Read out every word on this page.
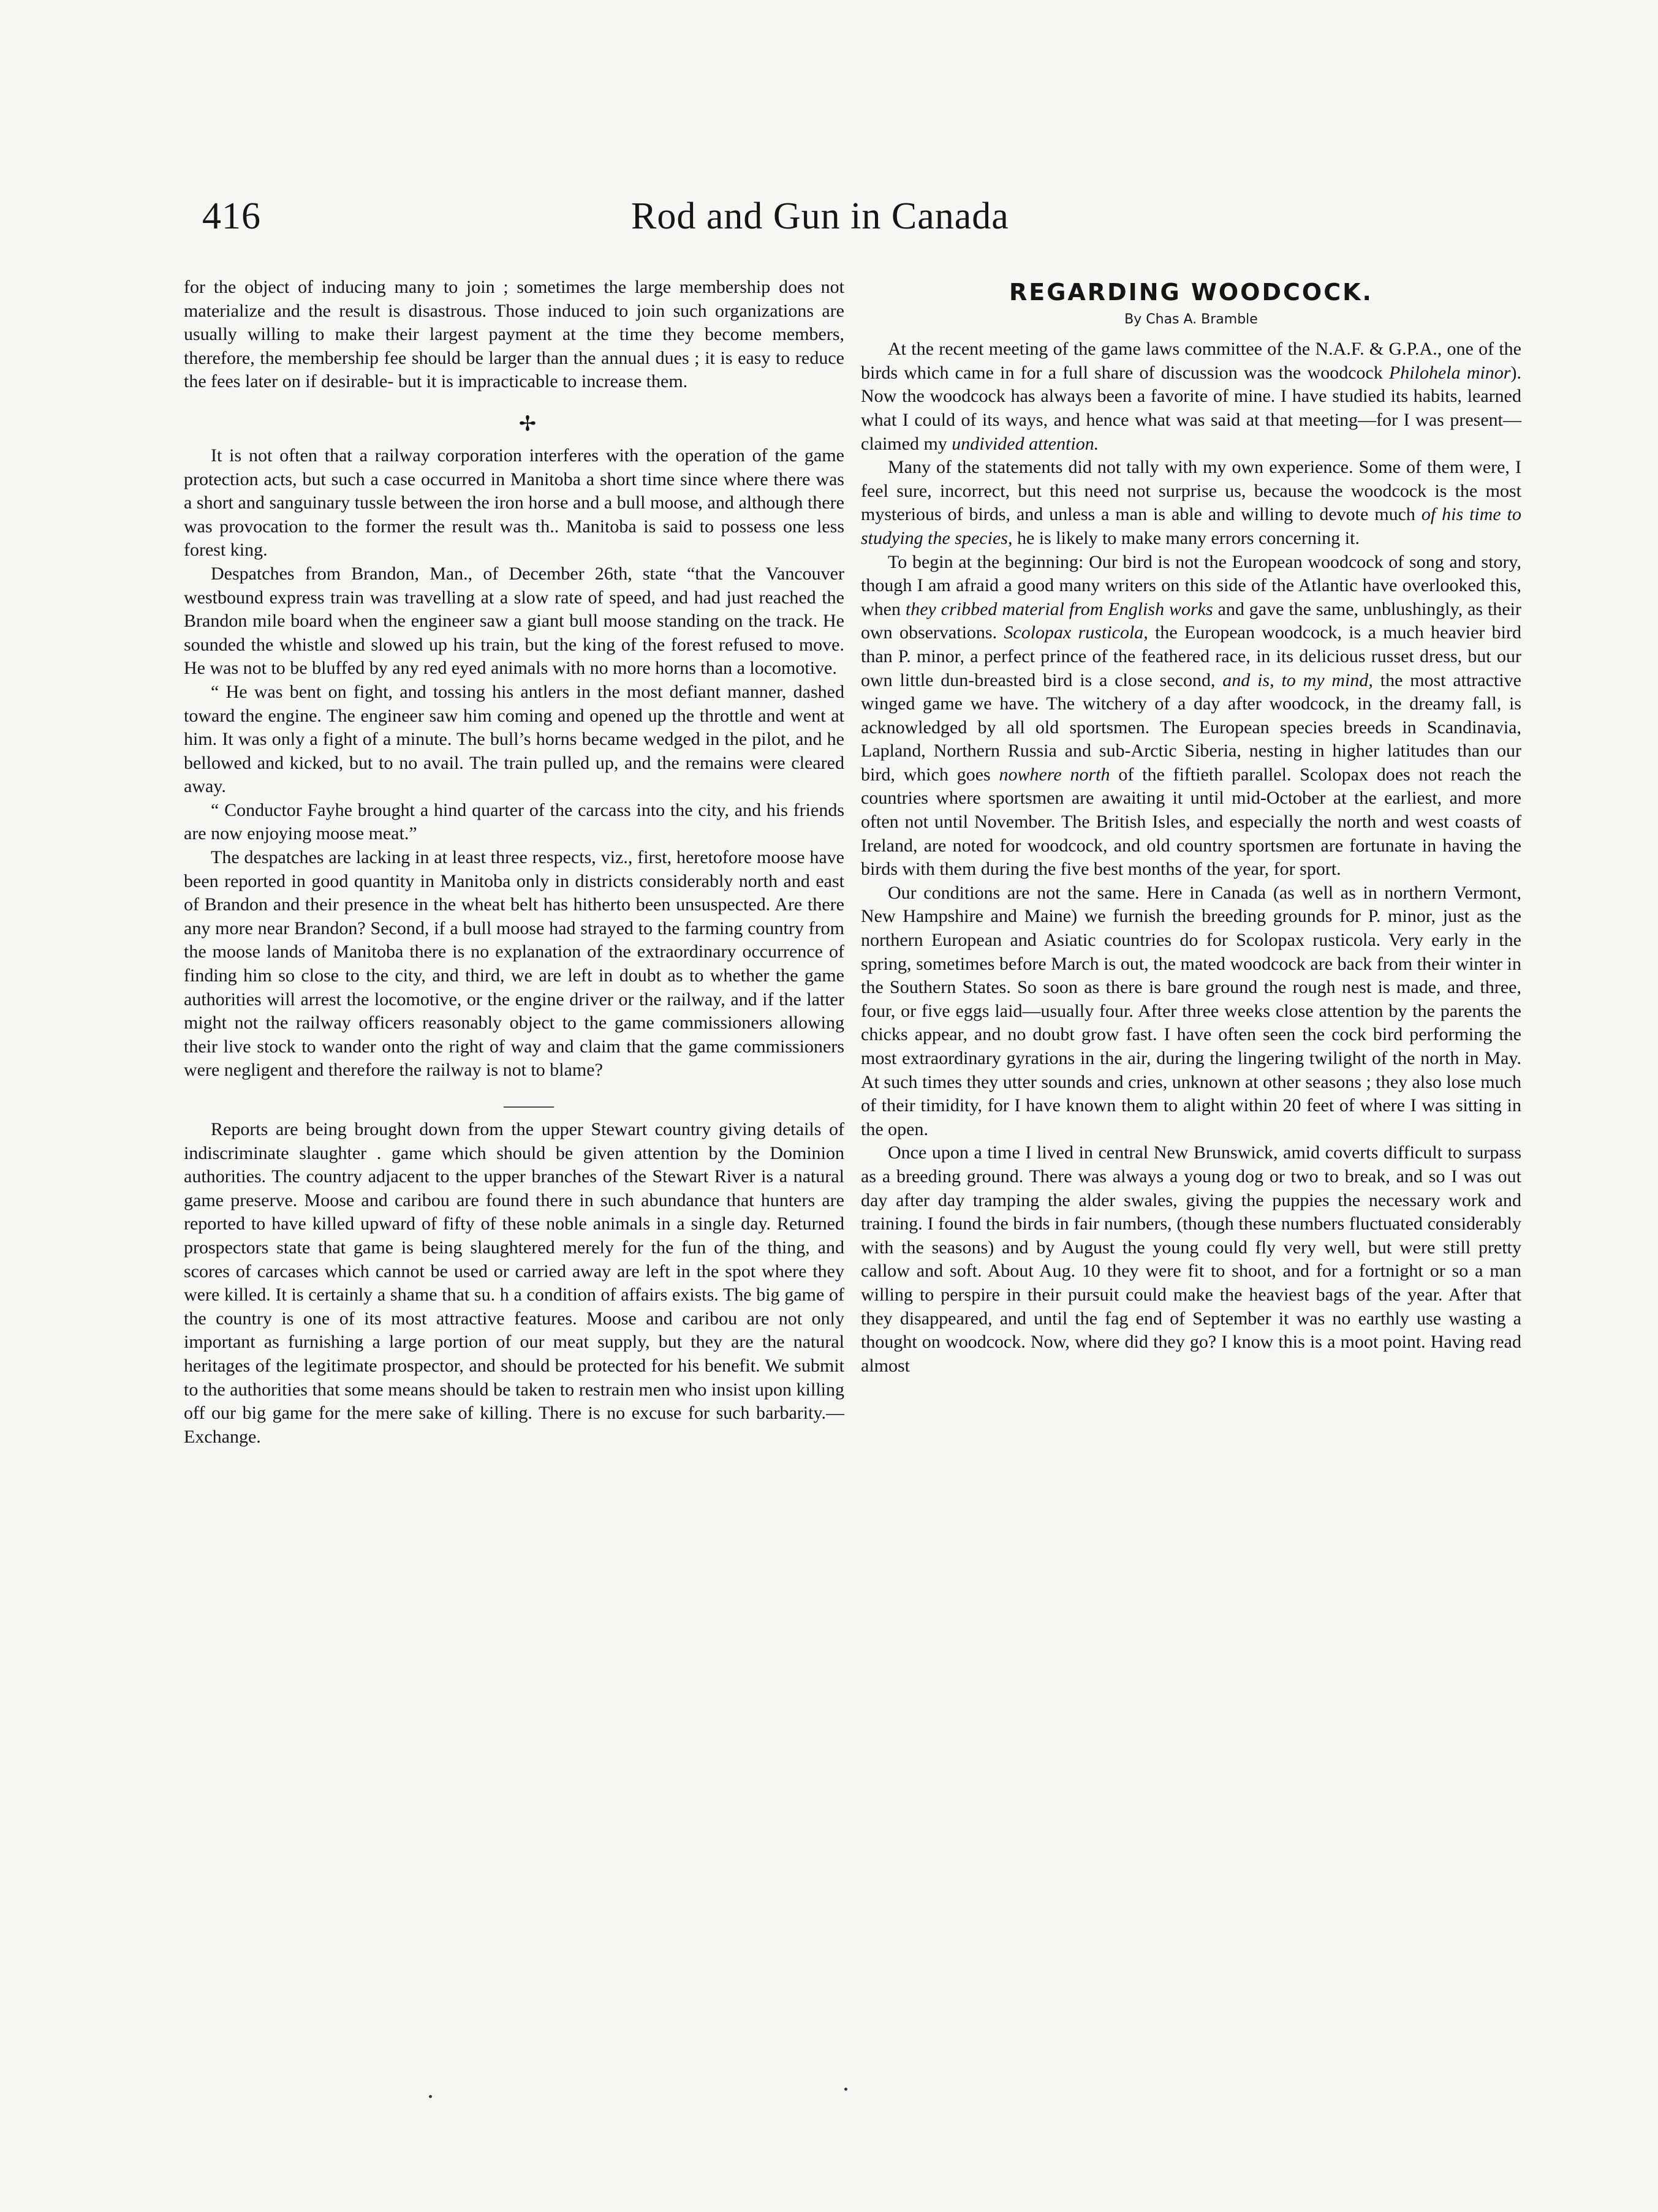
416	Rod and Gun in Canada

for the object of inducing many to join ; sometimes the large membership does not materialize and the result is disastrous. Those induced to join such organizations are usually willing to make their largest payment at the time they become members, therefore, the membership fee should be larger than the annual dues ; it is easy to reduce the fees later on if desirable- but it is impracticable to increase them.

✢

It is not often that a railway corporation interferes with the operation of the game protection acts, but such a case occurred in Manitoba a short time since where there was a short and sanguinary tussle between the iron horse and a bull moose, and although there was provocation to the former the result was th.. Manitoba is said to possess one less forest king.

Despatches from Brandon, Man., of December 26th, state “that the Vancouver westbound express train was travelling at a slow rate of speed, and had just reached the Brandon mile board when the engineer saw a giant bull moose standing on the track. He sounded the whistle and slowed up his train, but the king of the forest refused to move. He was not to be bluffed by any red eyed animals with no more horns than a locomotive.

“ He was bent on fight, and tossing his antlers in the most defiant manner, dashed toward the engine. The engineer saw him coming and opened up the throttle and went at him. It was only a fight of a minute. The bull’s horns became wedged in the pilot, and he bellowed and kicked, but to no avail. The train pulled up, and the remains were cleared away.

“ Conductor Fayhe brought a hind quarter of the carcass into the city, and his friends are now enjoying moose meat.”

The despatches are lacking in at least three respects, viz., first, heretofore moose have been reported in good quantity in Manitoba only in districts considerably north and east of Brandon and their presence in the wheat belt has hitherto been unsuspected. Are there any more near Brandon? Second, if a bull moose had strayed to the farming country from the moose lands of Manitoba there is no explanation of the extraordinary occurrence of finding him so close to the city, and third, we are left in doubt as to whether the game authorities will arrest the locomotive, or the engine driver or the railway, and if the latter might not the railway officers reasonably object to the game commissioners allowing their live stock to wander onto the right of way and claim that the game commissioners were negligent and therefore the railway is not to blame?

———

Reports are being brought down from the upper Stewart country giving details of indiscriminate slaughter . game which should be given attention by the Dominion authorities. The country adjacent to the upper branches of the Stewart River is a natural game preserve. Moose and caribou are found there in such abundance that hunters are reported to have killed upward of fifty of these noble animals in a single day. Returned prospectors state that game is being slaughtered merely for the fun of the thing, and scores of carcases which cannot be used or carried away are left in the spot where they were killed. It is certainly a shame that su. h a condition of affairs exists. The big game of the country is one of its most attractive features. Moose and caribou are not only important as furnishing a large portion of our meat supply, but they are the natural heritages of the legitimate prospector, and should be protected for his benefit. We submit to the authorities that some means should be taken to restrain men who insist upon killing off our big game for the mere sake of killing. There is no excuse for such barbarity.—Exchange.

REGARDING WOODCOCK.
By Chas A. Bramble

At the recent meeting of the game laws committee of the N.A.F. & G.P.A., one of the birds which came in for a full share of discussion was the woodcock Philohela minor). Now the woodcock has always been a favorite of mine. I have studied its habits, learned what I could of its ways, and hence what was said at that meeting—for I was present—claimed my undivided attention.

Many of the statements did not tally with my own experience. Some of them were, I feel sure, incorrect, but this need not surprise us, because the woodcock is the most mysterious of birds, and unless a man is able and willing to devote much of his time to studying the species, he is likely to make many errors concerning it.

To begin at the beginning: Our bird is not the European woodcock of song and story, though I am afraid a good many writers on this side of the Atlantic have overlooked this, when they cribbed material from English works and gave the same, unblushingly, as their own observations. Scolopax rusticola, the European woodcock, is a much heavier bird than P. minor, a perfect prince of the feathered race, in its delicious russet dress, but our own little dun-breasted bird is a close second, and is, to my mind, the most attractive winged game we have. The witchery of a day after woodcock, in the dreamy fall, is acknowledged by all old sportsmen. The European species breeds in Scandinavia, Lapland, Northern Russia and sub-Arctic Siberia, nesting in higher latitudes than our bird, which goes nowhere north of the fiftieth parallel. Scolopax does not reach the countries where sportsmen are awaiting it until mid-October at the earliest, and more often not until November. The British Isles, and especially the north and west coasts of Ireland, are noted for woodcock, and old country sportsmen are fortunate in having the birds with them during the five best months of the year, for sport.

Our conditions are not the same. Here in Canada (as well as in northern Vermont, New Hampshire and Maine) we furnish the breeding grounds for P. minor, just as the northern European and Asiatic countries do for Scolopax rusticola. Very early in the spring, sometimes before March is out, the mated woodcock are back from their winter in the Southern States. So soon as there is bare ground the rough nest is made, and three, four, or five eggs laid—usually four. After three weeks close attention by the parents the chicks appear, and no doubt grow fast. I have often seen the cock bird performing the most extraordinary gyrations in the air, during the lingering twilight of the north in May. At such times they utter sounds and cries, unknown at other seasons ; they also lose much of their timidity, for I have known them to alight within 20 feet of where I was sitting in the open.

Once upon a time I lived in central New Brunswick, amid coverts difficult to surpass as a breeding ground. There was always a young dog or two to break, and so I was out day after day tramping the alder swales, giving the puppies the necessary work and training. I found the birds in fair numbers, (though these numbers fluctuated considerably with the seasons) and by August the young could fly very well, but were still pretty callow and soft. About Aug. 10 they were fit to shoot, and for a fortnight or so a man willing to perspire in their pursuit could make the heaviest bags of the year. After that they disappeared, and until the fag end of September it was no earthly use wasting a thought on woodcock. Now, where did they go? I know this is a moot point. Having read almost
